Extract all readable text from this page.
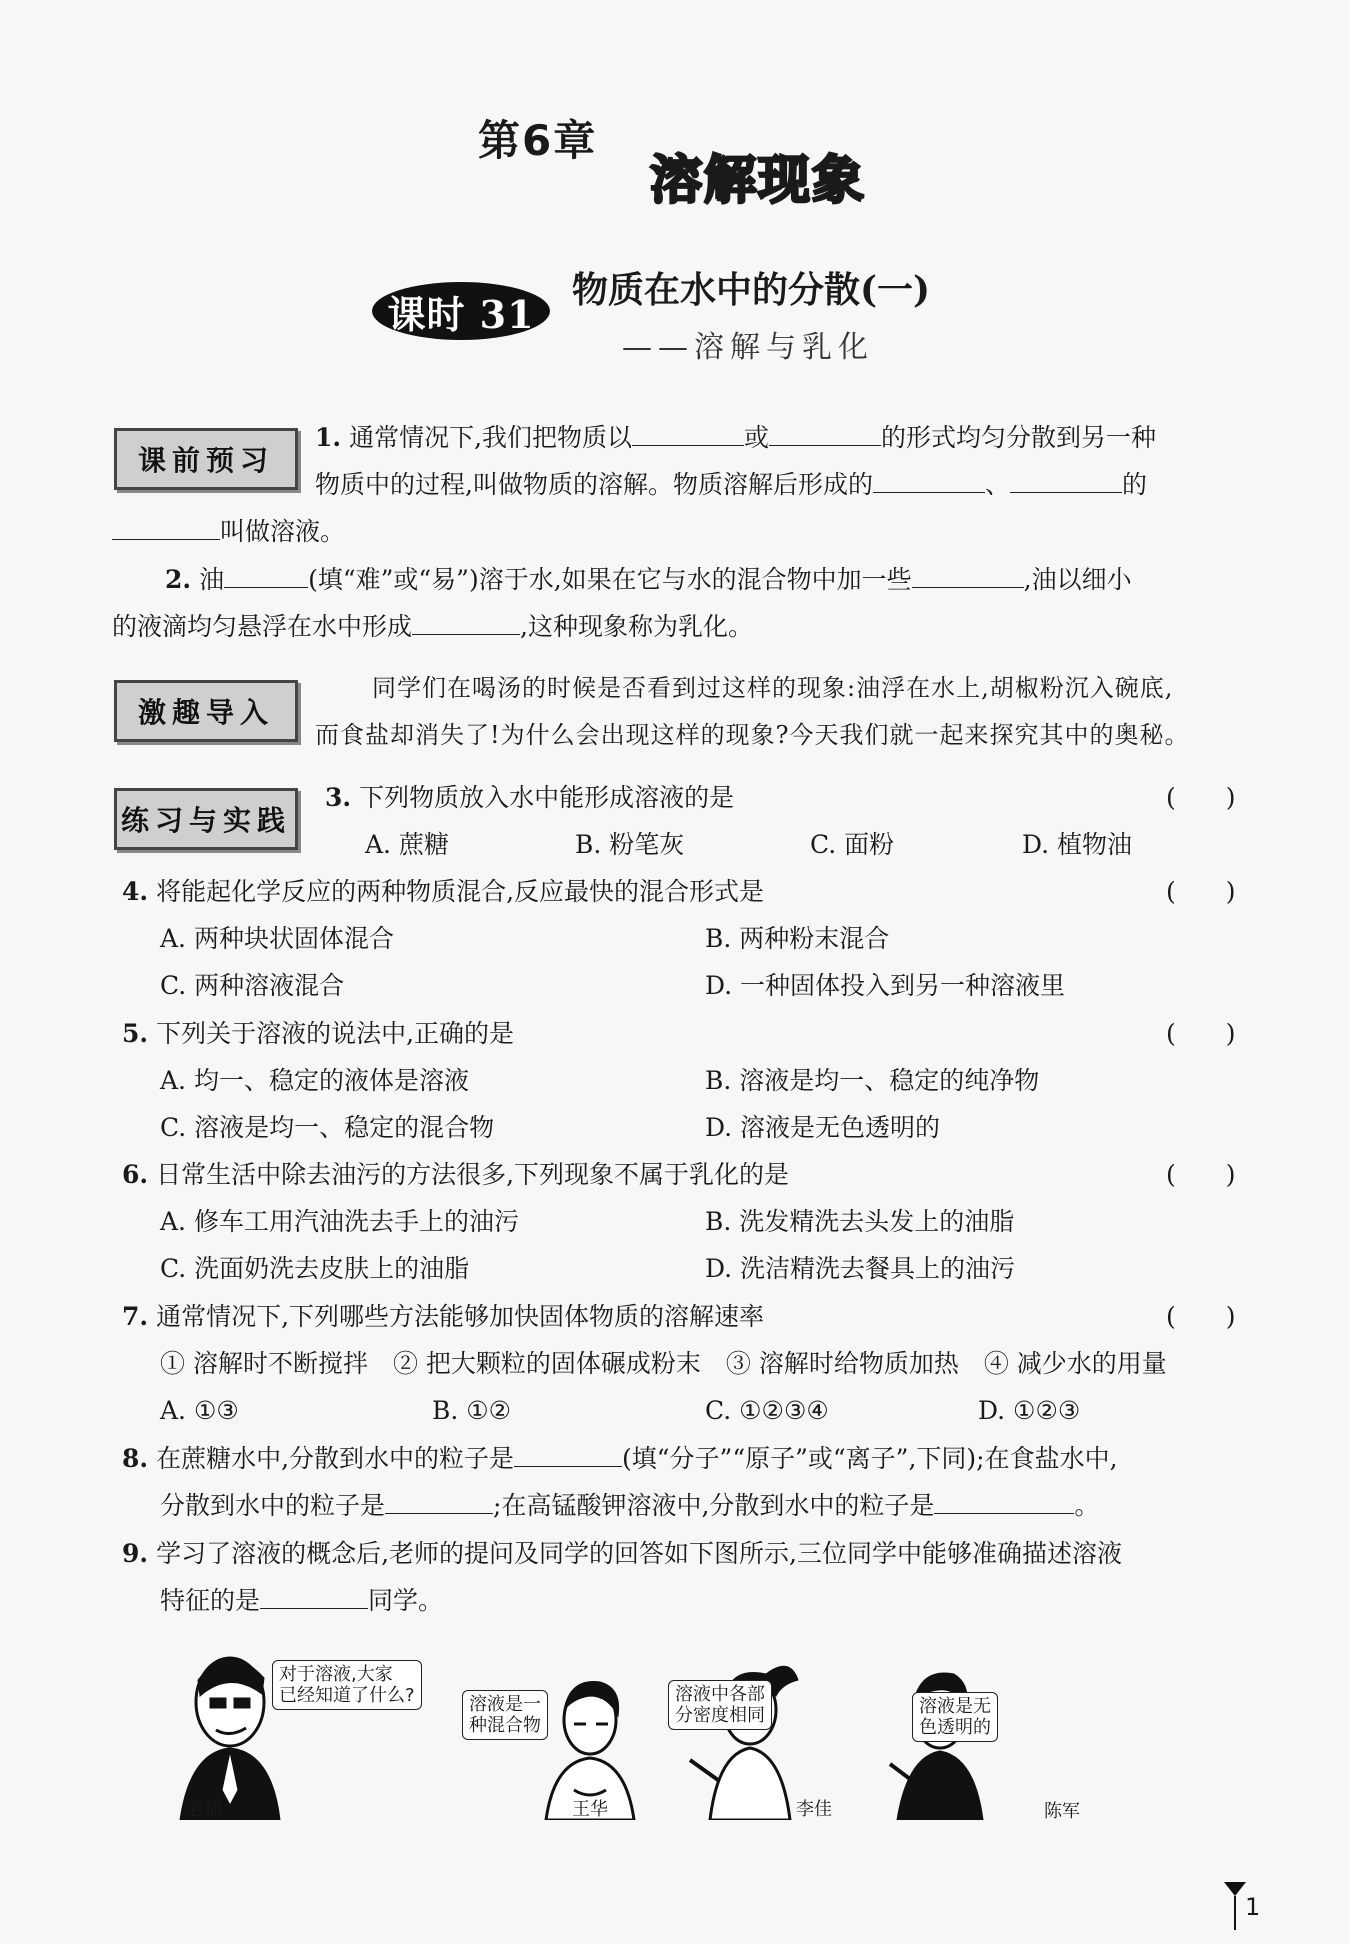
第6章
溶解现象
课时 31
物质在水中的分散(一)
——溶解与乳化
课前预习
激趣导入
练习与实践
1. 通常情况下,我们把物质以	或	的形式均匀分散到另一种
物质中的过程,叫做物质的溶解。物质溶解后形成的	、	的
叫做溶液。
2. 油	(填“难”或“易”)溶于水,如果在它与水的混合物中加一些	,油以细小
的液滴均匀悬浮在水中形成	,这种现象称为乳化。
同学们在喝汤的时候是否看到过这样的现象:油浮在水上,胡椒粉沉入碗底,
而食盐却消失了!为什么会出现这样的现象?今天我们就一起来探究其中的奥秘。
3. 下列物质放入水中能形成溶液的是	(　　)
A. 蔗糖	B. 粉笔灰	C. 面粉	D. 植物油
4. 将能起化学反应的两种物质混合,反应最快的混合形式是	(　　)
A. 两种块状固体混合	B. 两种粉末混合
C. 两种溶液混合	D. 一种固体投入到另一种溶液里
5. 下列关于溶液的说法中,正确的是	(　　)
A. 均一、稳定的液体是溶液	B. 溶液是均一、稳定的纯净物
C. 溶液是均一、稳定的混合物	D. 溶液是无色透明的
6. 日常生活中除去油污的方法很多,下列现象不属于乳化的是	(　　)
A. 修车工用汽油洗去手上的油污	B. 洗发精洗去头发上的油脂
C. 洗面奶洗去皮肤上的油脂	D. 洗洁精洗去餐具上的油污
7. 通常情况下,下列哪些方法能够加快固体物质的溶解速率	(　　)
① 溶解时不断搅拌　② 把大颗粒的固体碾成粉末　③ 溶解时给物质加热　④ 减少水的用量
A. ①③	B. ①②	C. ①②③④	D. ①②③
8. 在蔗糖水中,分散到水中的粒子是	(填“分子”“原子”或“离子”,下同);在食盐水中,
分散到水中的粒子是	;在高锰酸钾溶液中,分散到水中的粒子是	。
9. 学习了溶液的概念后,老师的提问及同学的回答如下图所示,三位同学中能够准确描述溶液
特征的是	同学。
对于溶液,大家
已经知道了什么?	溶液是一
种混合物
溶液中各部
分密度相同	溶液是无
色透明的
老师	王华	李佳	陈军
1
